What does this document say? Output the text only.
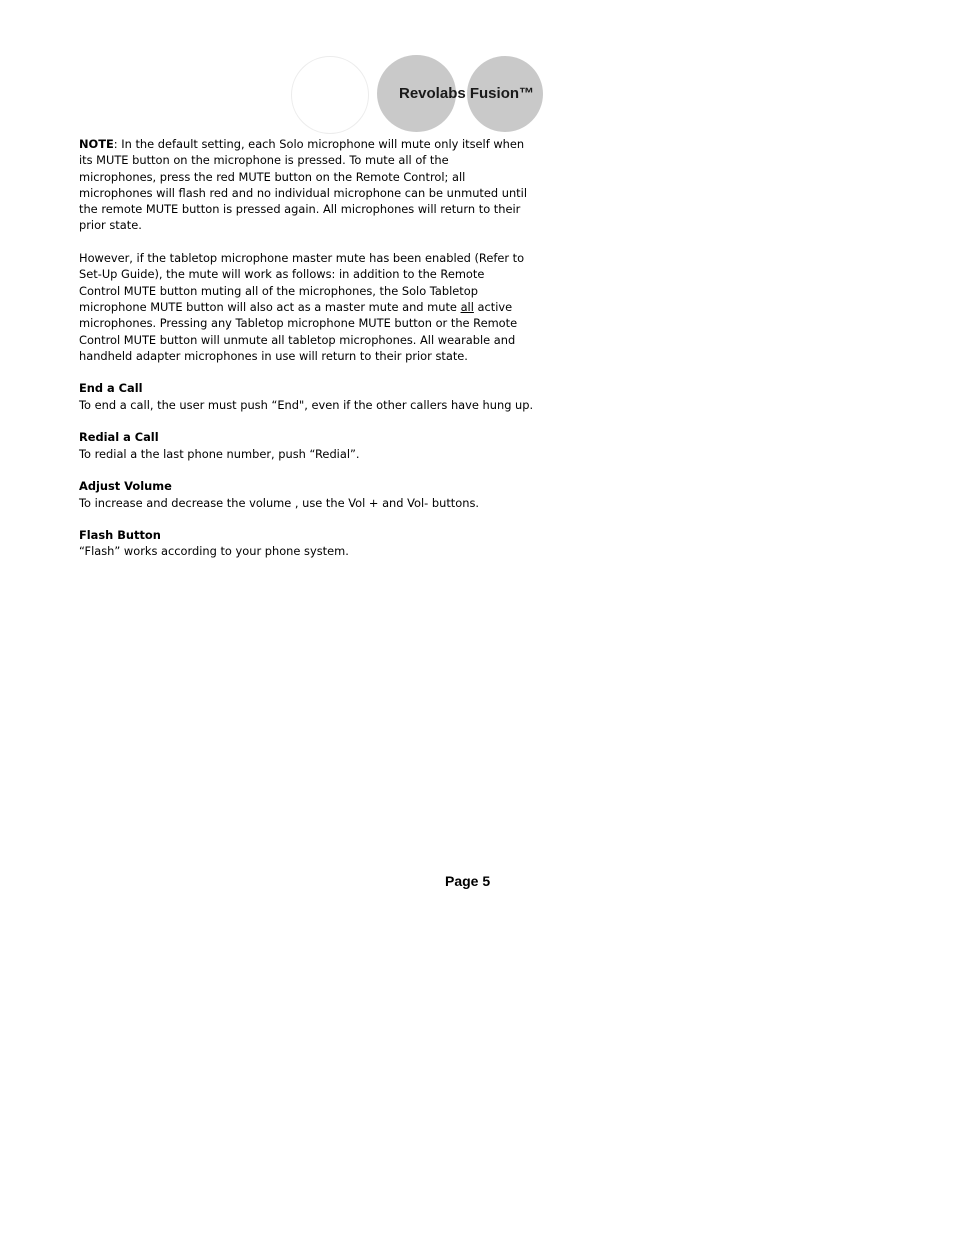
Revolabs Fusion™

NOTE: In the default setting, each Solo microphone will mute only itself when
its MUTE button on the microphone is pressed. To mute all of the
microphones, press the red MUTE button on the Remote Control; all
microphones will flash red and no individual microphone can be unmuted until
the remote MUTE button is pressed again. All microphones will return to their
prior state.

However, if the tabletop microphone master mute has been enabled (Refer to
Set-Up Guide), the mute will work as follows: in addition to the Remote
Control MUTE button muting all of the microphones, the Solo Tabletop
microphone MUTE button will also act as a master mute and mute all active
microphones. Pressing any Tabletop microphone MUTE button or the Remote
Control MUTE button will unmute all tabletop microphones. All wearable and
handheld adapter microphones in use will return to their prior state.

End a Call
To end a call, the user must push “End", even if the other callers have hung up.
Redial a Call
To redial a the last phone number, push “Redial”.
Adjust Volume
To increase and decrease the volume , use the Vol + and Vol- buttons.
Flash Button
“Flash” works according to your phone system.
Page 5
